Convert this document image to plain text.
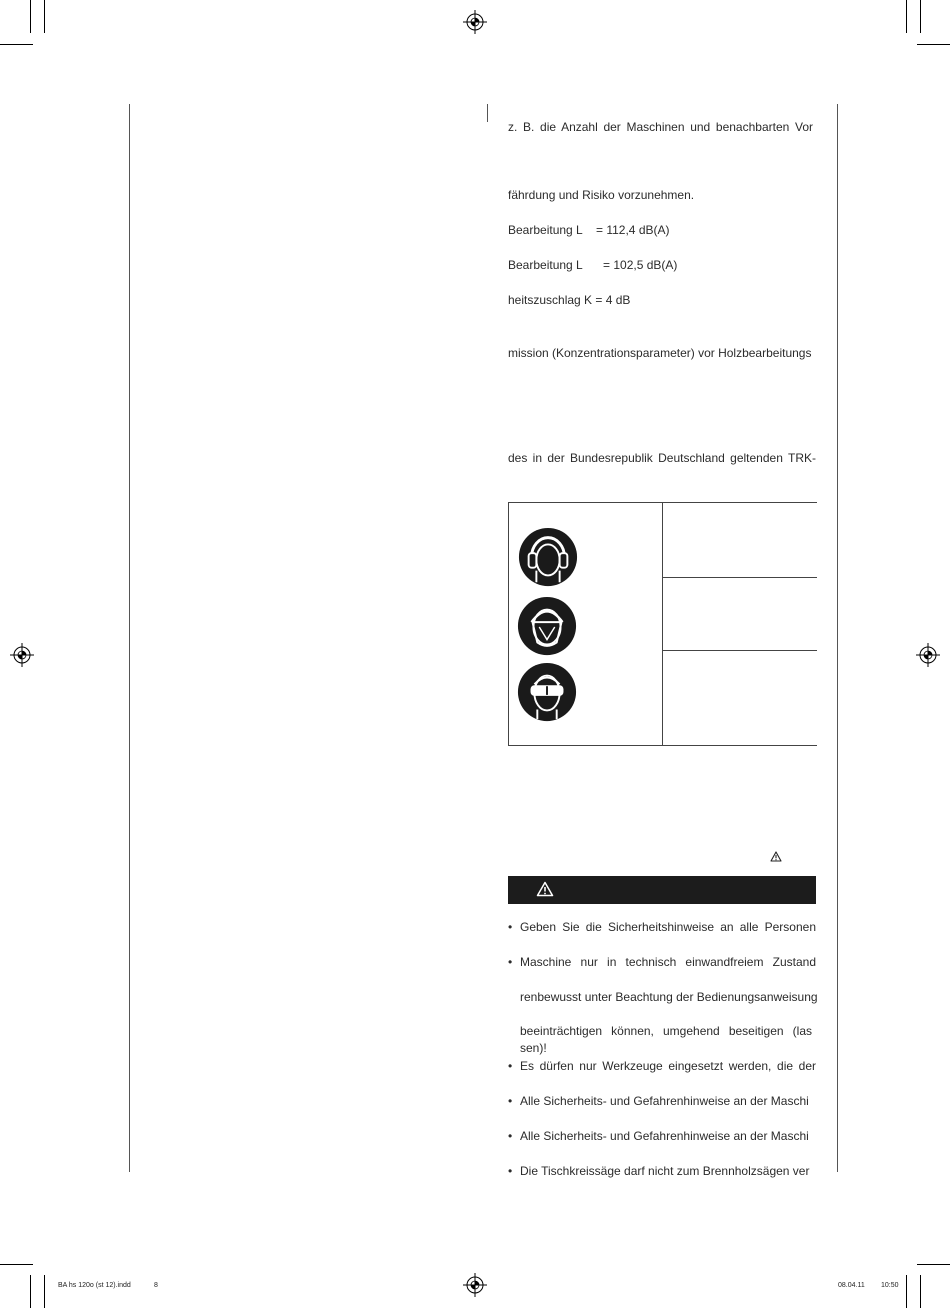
z. B. die Anzahl der Maschinen und benachbarten Vor
fährdung und Risiko vorzunehmen.
Bearbeitung L	= 112,4 dB(A)
Bearbeitung L	= 102,5 dB(A)
heitszuschlag K = 4 dB
mission (Konzentrationsparameter) vor Holzbearbeitungs
des in der Bundesrepublik Deutschland geltenden TRK-
• Geben Sie die Sicherheitshinweise an alle Personen
• Maschine nur in technisch einwandfreiem Zustand
renbewusst unter Beachtung der Bedienungsanweisung
beeinträchtigen können, umgehend beseitigen (las
sen)!
• Es dürfen nur Werkzeuge eingesetzt werden, die der
• Alle Sicherheits- und Gefahrenhinweise an der Maschi
• Alle Sicherheits- und Gefahrenhinweise an der Maschi
• Die Tischkreissäge darf nicht zum Brennholzsägen ver
BA hs 120o (st 12).indd	8	08.04.11	10:50
